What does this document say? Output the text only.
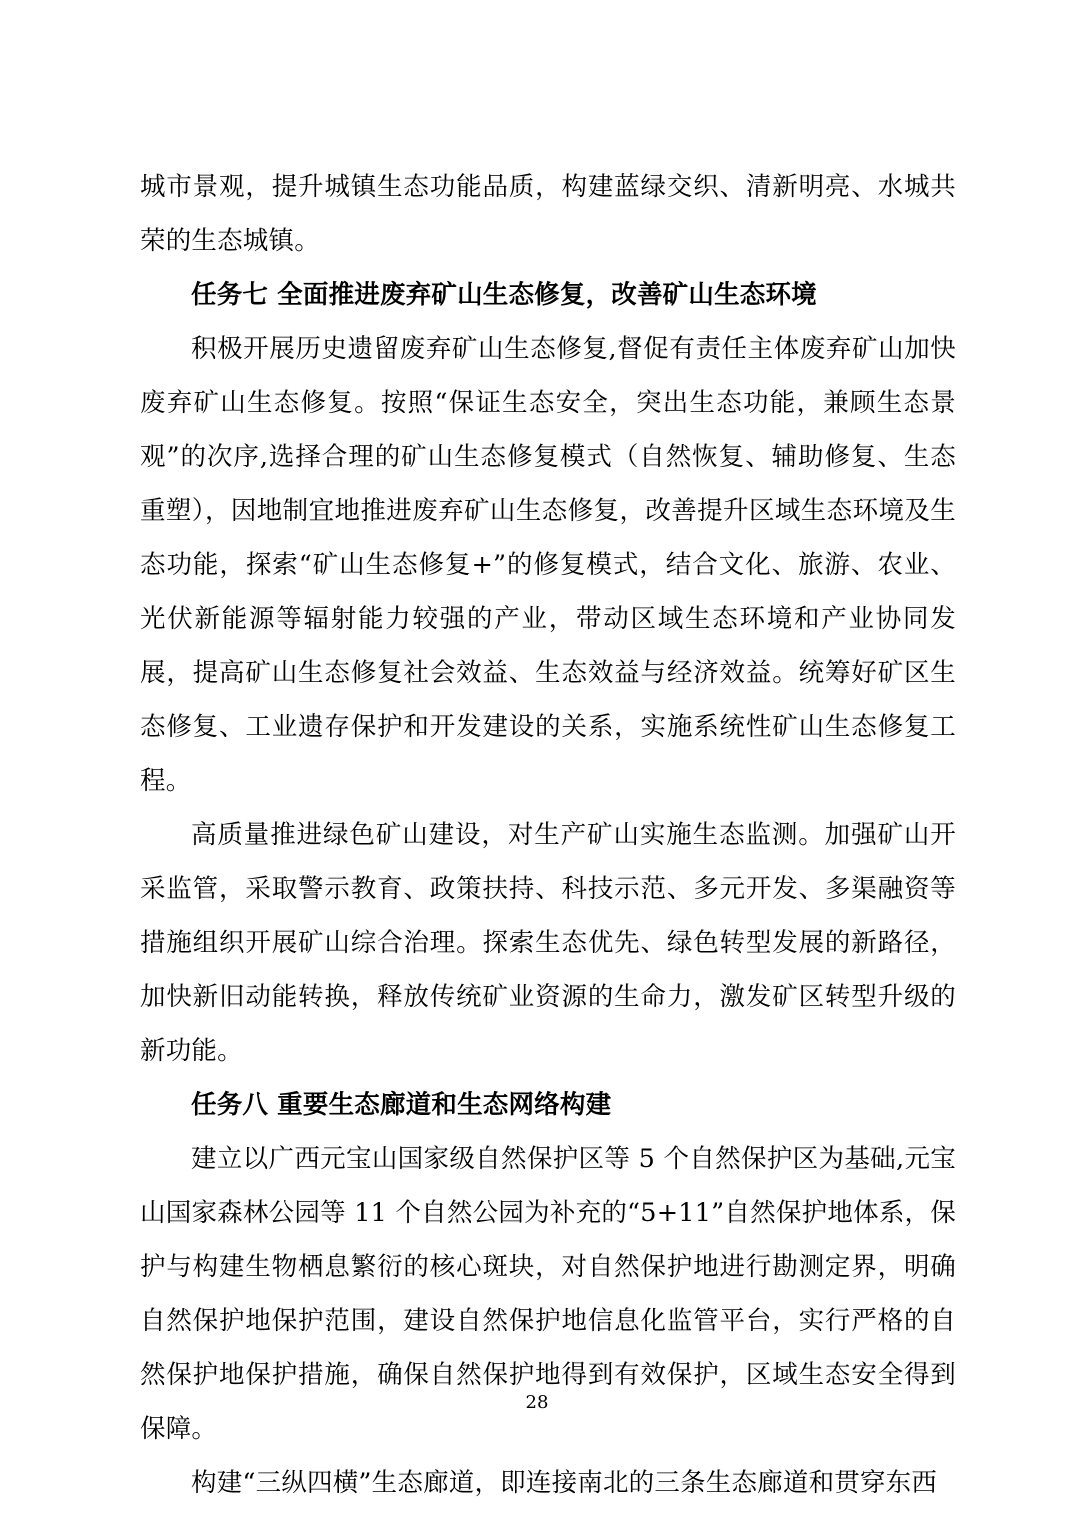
城市景观，提升城镇生态功能品质，构建蓝绿交织、清新明亮、水城共荣的生态城镇。

任务七 全面推进废弃矿山生态修复，改善矿山生态环境

积极开展历史遗留废弃矿山生态修复,督促有责任主体废弃矿山加快废弃矿山生态修复。按照“保证生态安全，突出生态功能，兼顾生态景观”的次序,选择合理的矿山生态修复模式（自然恢复、辅助修复、生态重塑），因地制宜地推进废弃矿山生态修复，改善提升区域生态环境及生态功能，探索“矿山生态修复+”的修复模式，结合文化、旅游、农业、光伏新能源等辐射能力较强的产业，带动区域生态环境和产业协同发展，提高矿山生态修复社会效益、生态效益与经济效益。统筹好矿区生态修复、工业遗存保护和开发建设的关系，实施系统性矿山生态修复工程。

高质量推进绿色矿山建设，对生产矿山实施生态监测。加强矿山开采监管，采取警示教育、政策扶持、科技示范、多元开发、多渠融资等措施组织开展矿山综合治理。探索生态优先、绿色转型发展的新路径，加快新旧动能转换，释放传统矿业资源的生命力，激发矿区转型升级的新功能。

任务八 重要生态廊道和生态网络构建

建立以广西元宝山国家级自然保护区等 5 个自然保护区为基础,元宝山国家森林公园等 11 个自然公园为补充的“5+11”自然保护地体系，保护与构建生物栖息繁衍的核心斑块，对自然保护地进行勘测定界，明确自然保护地保护范围，建设自然保护地信息化监管平台，实行严格的自然保护地保护措施，确保自然保护地得到有效保护，区域生态安全得到保障。

构建“三纵四横”生态廊道，即连接南北的三条生态廊道和贯穿东西

28
